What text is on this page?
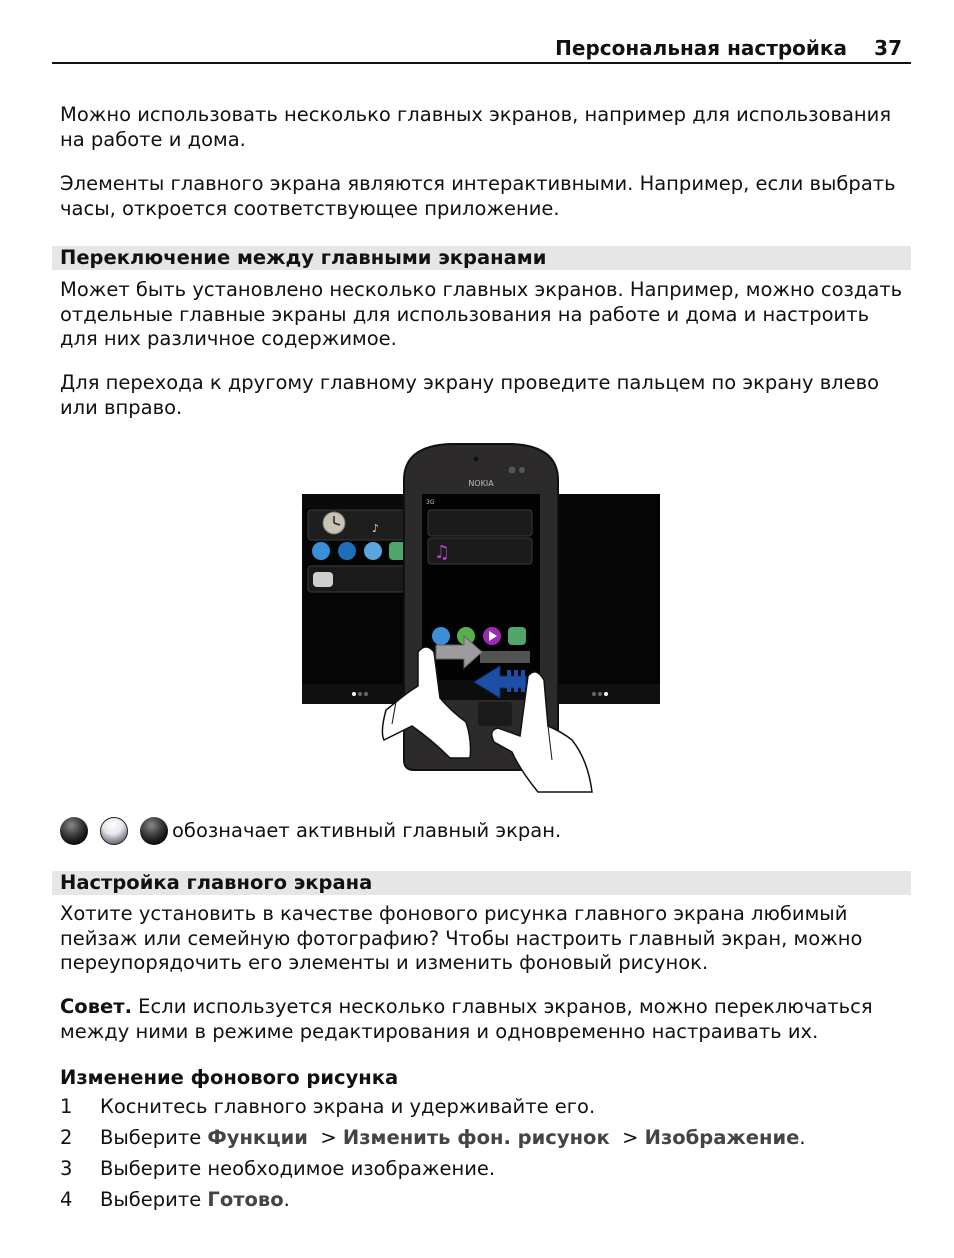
Персональная настройка 37

Можно использовать несколько главных экранов, например для использования на работе и дома.

Элементы главного экрана являются интерактивными. Например, если выбрать часы, откроется соответствующее приложение.

Переключение между главными экранами

Может быть установлено несколько главных экранов. Например, можно создать отдельные главные экраны для использования на работе и дома и настроить для них различное содержимое.

Для перехода к другому главному экрану проведите пальцем по экрану влево или вправо.

♪
NOKIA
3G
♫
обозначает активный главный экран.
Настройка главного экрана

Хотите установить в качестве фонового рисунка главного экрана любимый пейзаж или семейную фотографию? Чтобы настроить главный экран, можно переупорядочить его элементы и изменить фоновый рисунок.

Совет. Если используется несколько главных экранов, можно переключаться между ними в режиме редактирования и одновременно настраивать их.

Изменение фонового рисунка
1 Коснитесь главного экрана и удерживайте его.
2 Выберите Функции  > Изменить фон. рисунок  > Изображение.
3 Выберите необходимое изображение.
4 Выберите Готово.
